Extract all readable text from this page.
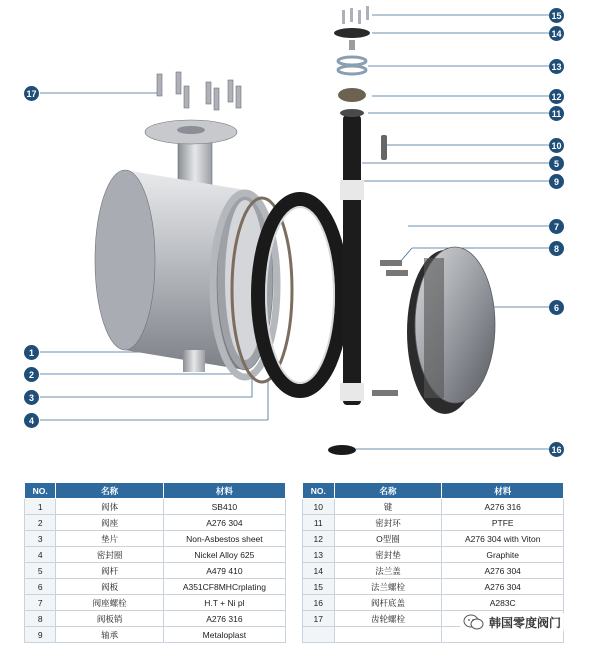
17
1
2
3
4
15
14
13
12
11
10
5
9
7
8
6
16
NO.	名称	材料
1	阀体	SB410
2	阀座	A276 304
3	垫片	Non-Asbestos sheet
4	密封圈	Nickel Alloy 625
5	阀杆	A479 410
6	阀板	A351CF8MHCrplating
7	阀座螺栓	H.T + Ni pl
8	阀板销	A276 316
9	轴承	Metaloplast
NO.	名称	材料
10	键	A276 316
11	密封环	PTFE
12	O型圈	A276 304 with Viton
13	密封垫	Graphite
14	法兰盖	A276 304
15	法兰螺栓	A276 304
16	阀杆底盖	A283C
17	齿轮螺栓	
			韩国零度阀门
